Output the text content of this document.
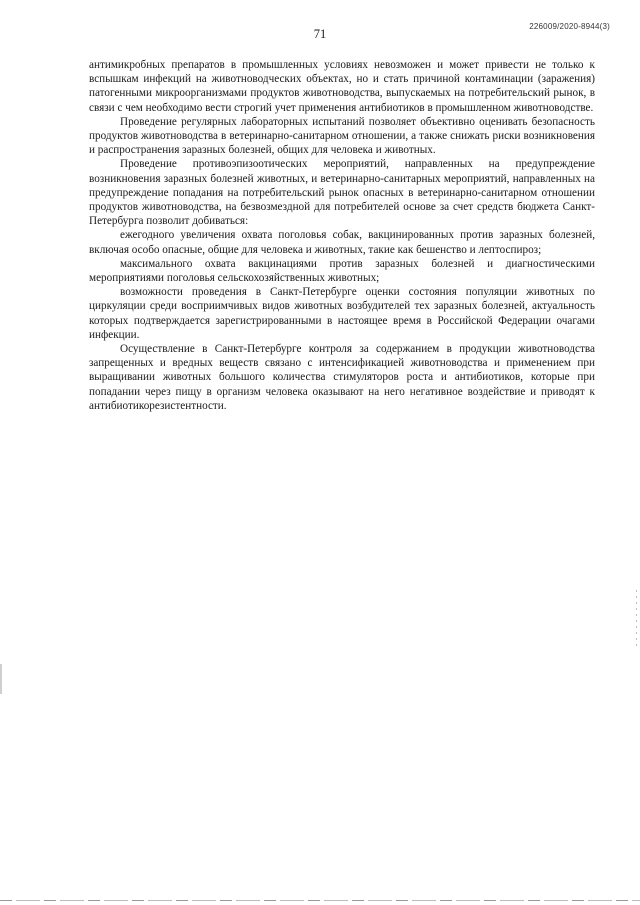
226009/2020-8944(3)
71

антимикробных препаратов в промышленных условиях невозможен и может привести не только к вспышкам инфекций на животноводческих объектах, но и стать причиной контаминации (заражения) патогенными микроорганизмами продуктов животноводства, выпускаемых на потребительский рынок, в связи с чем необходимо вести строгий учет применения антибиотиков в промышленном животноводстве.

Проведение регулярных лабораторных испытаний позволяет объективно оценивать безопасность продуктов животноводства в ветеринарно-санитарном отношении, а также снижать риски возникновения и распространения заразных болезней, общих для человека и животных.

Проведение противоэпизоотических мероприятий, направленных на предупреждение возникновения заразных болезней животных, и ветеринарно-санитарных мероприятий, направленных на предупреждение попадания на потребительский рынок опасных в ветеринарно-санитарном отношении продуктов животноводства, на безвозмездной для потребителей основе за счет средств бюджета Санкт-Петербурга позволит добиваться:

ежегодного увеличения охвата поголовья собак, вакцинированных против заразных болезней, включая особо опасные, общие для человека и животных, такие как бешенство и лептоспироз;

максимального охвата вакцинациями против заразных болезней и диагностическими мероприятиями поголовья сельскохозяйственных животных;

возможности проведения в Санкт-Петербурге оценки состояния популяции животных по циркуляции среди восприимчивых видов животных возбудителей тех заразных болезней, актуальность которых подтверждается зарегистрированными в настоящее время в Российской Федерации очагами инфекции.

Осуществление в Санкт-Петербурге контроля за содержанием в продукции животноводства запрещенных и вредных веществ связано с интенсификацией животноводства и применением при выращивании животных большого количества стимуляторов роста и антибиотиков, которые при попадании через пищу в организм человека оказывают на него негативное воздействие и приводят к антибиотикорезистентности.
